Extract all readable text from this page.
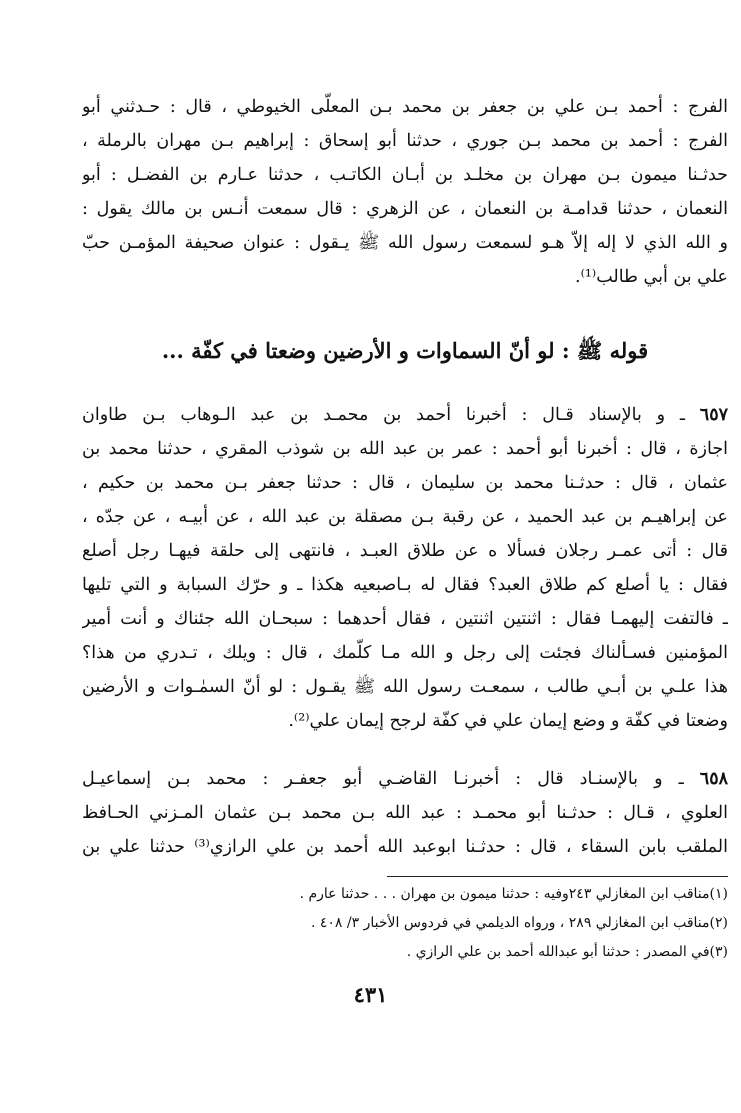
الفرج : أحمد بـن علي بن جعفر بن محمد بـن المعلّى الخيوطي ، قال : حـدثني أبو
الفرج : أحمد بن محمد بـن جوري ، حدثنا أبو إسحاق : إبراهيم بـن مهران بالرملة ،
حدثـنا ميمون بـن مهران بن مخلـد بن أبـان الكاتـب ، حدثنا عـارم بن الفضـل : أبو
النعمان ، حدثنا قدامـة بن النعمان ، عن الزهري : قال سمعت أنـس بن مالك يقول :
و الله الذي لا إله إلاّ هـو لسمعت رسول الله ﷺ يـقول : عنوان صحيفة المؤمـن حبّ
علي بن أبي طالب⁽¹⁾.
قوله ﷺ : لو أنّ السماوات و الأرضين وضعتا في كفّة ...
٦٥٧ ـ و بالإسناد قـال : أخبرنا أحمد بن محمـد بن عبد الـوهاب بـن طاوان
اجازة ، قال : أخبرنا أبو أحمد : عمر بن عبد الله بن شوذب المقري ، حدثنا محمد بن
عثمان ، قال : حدثـنا محمد بن سليمان ، قال : حدثنا جعفر بـن محمد بن حكيم ،
عن إبراهيـم بن عبد الحميد ، عن رقبة بـن مصقلة بن عبد الله ، عن أبيـه ، عن جدّه ،
قال : أتى عمـر رجلان فسألا ه عن طلاق العبـد ، فانتهى إلى حلقة فيهـا رجل أصلع
فقال : يا أصلع كم طلاق العبد؟ فقال له بـاصبعيه هكذا ـ و حرّك السبابة و التي تليها
ـ فالتفت إليهمـا فقال : اثنتين اثنتين ، فقال أحدهما : سبحـان الله جئناك و أنت أمير
المؤمنين فسـألناك فجئت إلى رجل و الله مـا كلّمك ، قال : ويلك ، تـدري من هذا؟
هذا علـي بن أبـي طالب ، سمعـت رسول الله ﷺ يقـول : لو أنّ السمٰـوات و الأرضين
وضعتا في كفّة و وضع إيمان علي في كفّة لرجح إيمان علي⁽²⁾.
٦٥٨ ـ و بالإسنـاد قال : أخبرنـا القاضـي أبو جعفـر : محمد بـن إسماعيـل
العلوي ، قـال : حدثـنا أبو محمـد : عبد الله بـن محمد بـن عثمان المـزني الحـافظ
الملقب بابن السقاء ، قال : حدثـنا ابوعبد الله أحمد بن علي الرازي⁽³⁾ حدثنا علي بن
(١)مناقب ابن المغازلي ٢٤٣وفيه : حدثنا ميمون بن مهران . . . حدثنا عارم .
(٢)مناقب ابن المغازلي ٢٨٩ ، ورواه الديلمي في فردوس الأخبار ٣/ ٤٠٨ .
(٣)في المصدر : حدثنا أبو عبدالله أحمد بن علي الرازي .
٤٣١
